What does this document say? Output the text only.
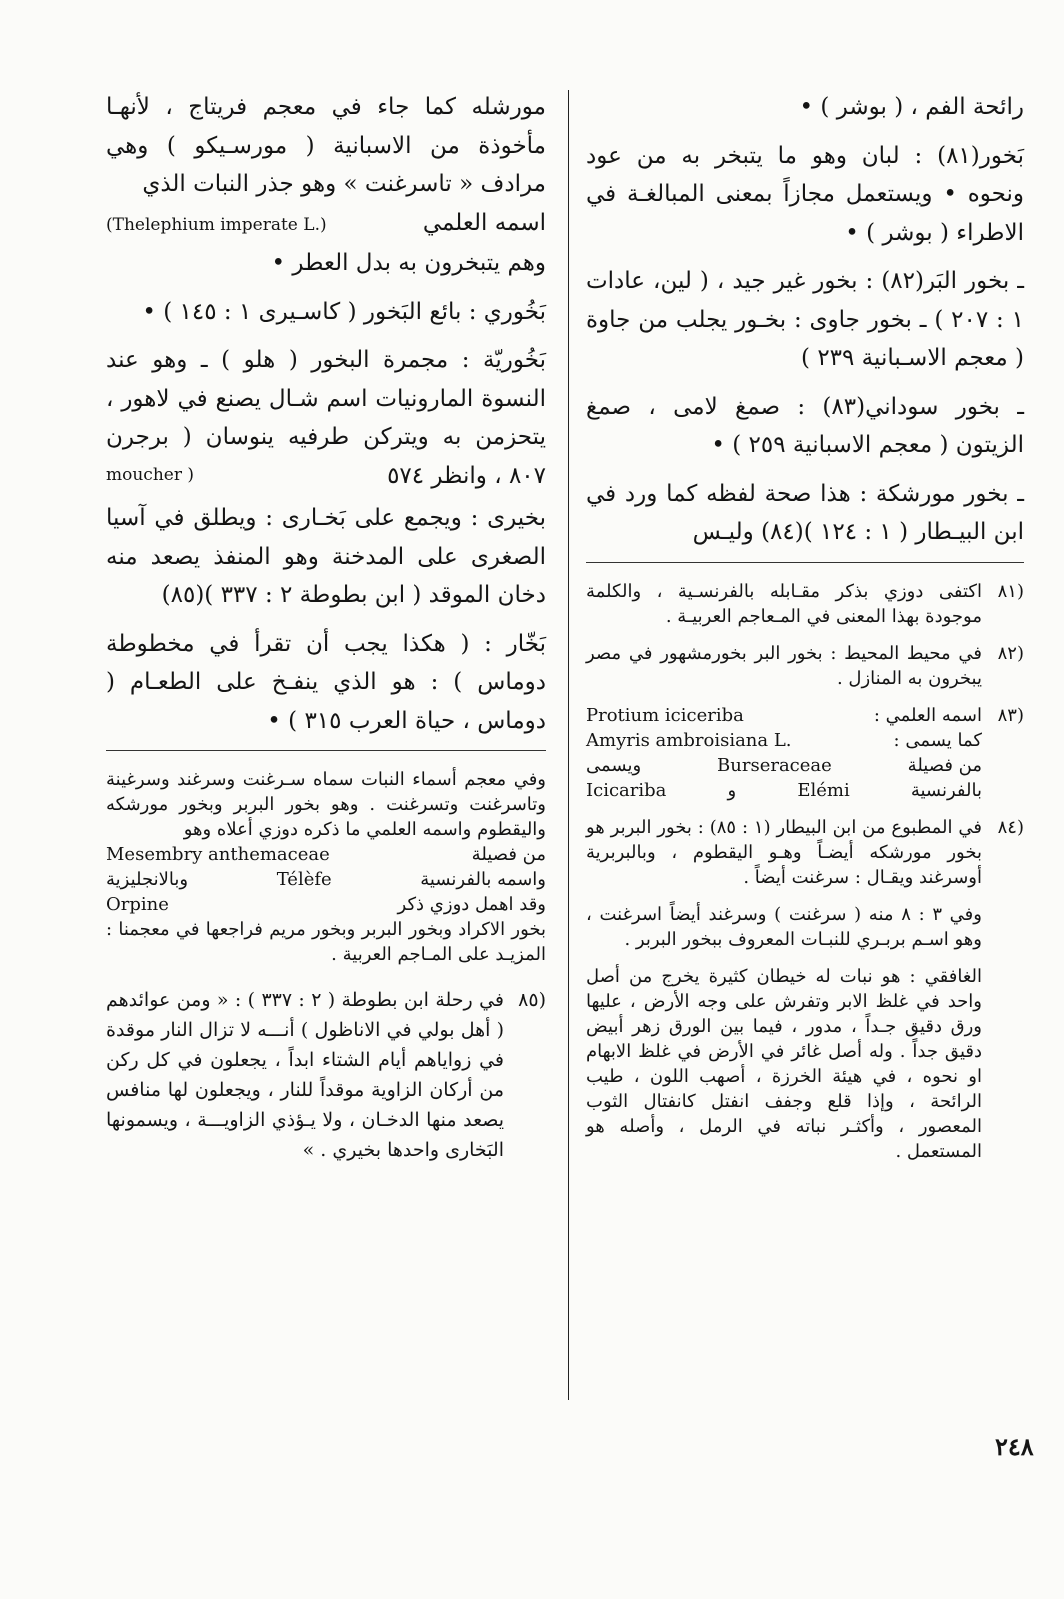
رائحة الفم ، ( بوشر ) •

بَخور(٨١) : لبان وهو ما يتبخر به من عود ونحوه • ويستعمل مجازاً بمعنى المبالغـة في الاطراء ( بوشر ) •

ـ بخور البَر(٨٢) : بخور غير جيد ، ( لين، عادات ١ : ٢٠٧ ) ـ بخور جاوى : بخـور يجلب من جاوة ( معجم الاسـبانية ٢٣٩ )

ـ بخور سوداني(٨٣) : صمغ لامى ، صمغ الزيتون ( معجم الاسبانية ٢٥٩ ) •

ـ بخور مورشكة : هذا صحة لفظه كما ورد في ابن البيـطار ( ١ : ١٢٤ )(٨٤) وليـس

(٨١
اكتفى دوزي بذكر مقـابله بالفرنسـية ، والكلمة موجودة بهذا المعنى في المـعاجم العربيـة .
(٨٢
في محيط المحيط : بخور البر بخورمشهور في مصر يبخرون به المنازل .
(٨٣
اسمه العلمي :
Protium iciceriba
كما يسمى :
Amyris ambroisiana L.
من فصيلة
Burseraceae
ويسمى
بالفرنسية
Elémi
و
Icicariba
(٨٤
في المطبوع من ابن البيطار (١ : ٨٥) : بخور البربر هو بخور مورشكه أيضـاً وهـو اليقطوم ، وبالبربرية أوسرغند ويقـال : سرغنت أيضاً .

وفي ٣ : ٨ منه ( سرغنت ) وسرغند أيضاً اسرغنت ، وهو اسـم بربـري للنبـات المعروف ببخور البربر .

الغافقي : هو نبات له خيطان كثيرة يخرج من أصل واحد في غلظ الابر وتفرش على وجه الأرض ، عليها ورق دقيق جـداً ، مدور ، فيما بين الورق زهر أبيض دقيق جداً . وله أصل غائر في الأرض في غلظ الابهام او نحوه ، في هيئة الخرزة ، أصهب اللون ، طيب الرائحة ، وإذا قلع وجفف انفتل كانفتال الثوب المعصور ، وأكثـر نباته في الرمل ، وأصله هو المستعمل .

مورشله كما جاء في معجم فريتاج ، لأنهـا مأخوذة من الاسبانية ( مورسـيكو ) وهي مرادف « تاسرغنت » وهو جذر النبات الذي

اسمه العلمي
(Thelephium imperate L.)

وهم يتبخرون به بدل العطر •

بَخُوري : بائع البَخور ( كاسـيرى ١ : ١٤٥ ) •

بَخُوريّة : مجمرة البخور ( هلو ) ـ وهو عند النسوة المارونيات اسم شـال يصنع في لاهور ، يتحزمن به ويتركن طرفيه ينوسان ( برجرن ٨٠٧ ، وانظر ٥٧٤

moucher )

بخيرى : ويجمع على بَخـارى : ويطلق في آسيا الصغرى على المدخنة وهو المنفذ يصعد منه دخان الموقد ( ابن بطوطة ٢ : ٣٣٧ )(٨٥)

بَخّار : ( هكذا يجب أن تقرأ في مخطوطة دوماس ) : هو الذي ينفـخ على الطعـام ( دوماس ، حياة العرب ٣١٥ ) •

وفي معجم أسماء النبات سماه سـرغنت وسرغند وسرغينة وتاسرغنت وتسرغنت . وهو بخور البربر وبخور مورشكه واليقطوم واسمه العلمي ما ذكره دوزي أعلاه وهو

من فصيلة
Mesembry anthemaceae
واسمه بالفرنسية
Télèfe
وبالانجليزية
وقد اهمل دوزي ذكر
Orpine

بخور الاكراد وبخور البربر وبخور مريم فراجعها في معجمنا : المزيـد على المـاجم العربية .

(٨٥
في رحلة ابن بطوطة ( ٢ : ٣٣٧ ) : « ومن عوائدهم ( أهل بولي في الاناظول ) أنـــه لا تزال النار موقدة في زواياهم أيام الشتاء ابداً ، يجعلون في كل ركن من أركان الزاوية موقداً للنار ، ويجعلون لها منافس يصعد منها الدخـان ، ولا يـؤذي الزاويـــة ، ويسمونها البَخارى واحدها بخيري . »
٢٤٨
